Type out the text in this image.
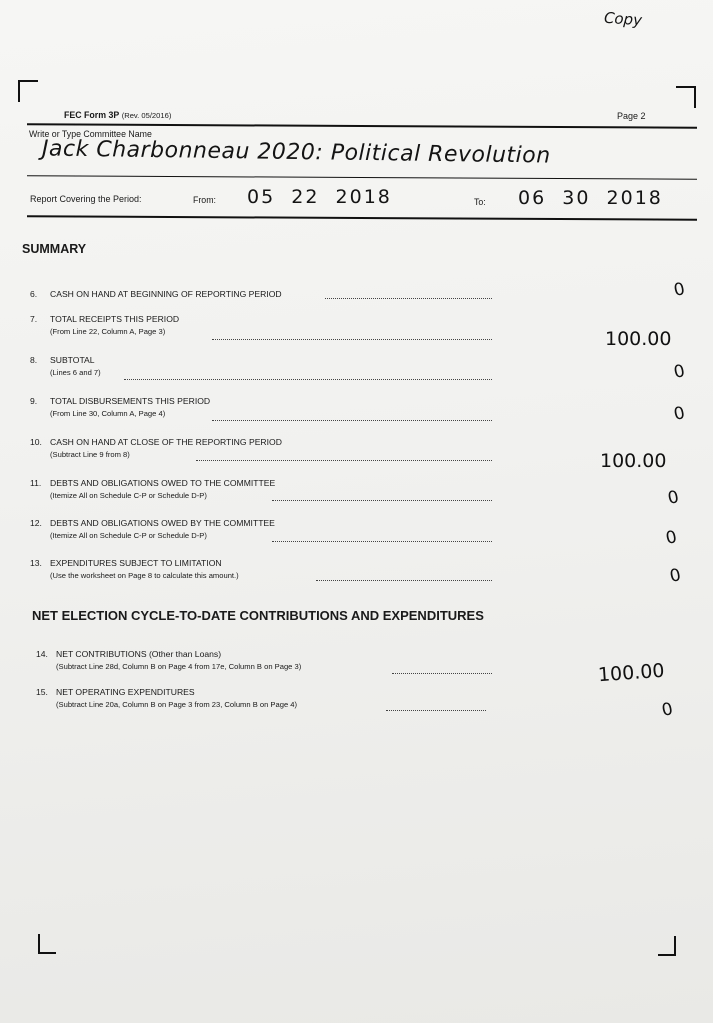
Copy
FEC Form 3P (Rev. 05/2016)	Page 2
Write or Type Committee Name
Jack Charbonneau 2020: Political Revolution
Report Covering the Period:	From: 05  22  2018	To: 06  30  2018
SUMMARY
6. CASH ON HAND AT BEGINNING OF REPORTING PERIOD	0
7. TOTAL RECEIPTS THIS PERIOD
(From Line 22, Column A, Page 3)	100.00
8. SUBTOTAL
(Lines 6 and 7)	0
9. TOTAL DISBURSEMENTS THIS PERIOD
(From Line 30, Column A, Page 4)	0
10. CASH ON HAND AT CLOSE OF THE REPORTING PERIOD
(Subtract Line 9 from 8)	100.00
11. DEBTS AND OBLIGATIONS OWED TO THE COMMITTEE
(Itemize All on Schedule C-P or Schedule D-P)	0
12. DEBTS AND OBLIGATIONS OWED BY THE COMMITTEE
(Itemize All on Schedule C-P or Schedule D-P)	0
13. EXPENDITURES SUBJECT TO LIMITATION
(Use the worksheet on Page 8 to calculate this amount.)	0
NET ELECTION CYCLE-TO-DATE CONTRIBUTIONS AND EXPENDITURES
14. NET CONTRIBUTIONS (Other than Loans)
(Subtract Line 28d, Column B on Page 4 from 17e, Column B on Page 3)	100.00
15. NET OPERATING EXPENDITURES
(Subtract Line 20a, Column B on Page 3 from 23, Column B on Page 4)	0
